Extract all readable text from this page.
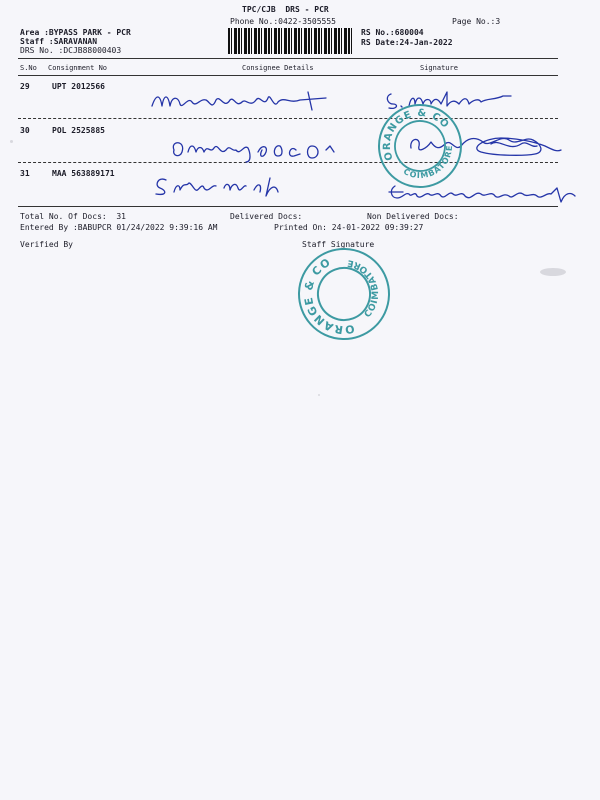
TPC/CJB  DRS - PCR
Phone No.:0422-3505555	Page No.:3
Area :BYPASS PARK - PCR
Staff :SARAVANAN
DRS No. :DCJB88000403
RS No.:680004
RS Date:24-Jan-2022
S.No Consignment No	Consignee Details	Signature
29	UPT 2012566
30	POL 2525885
31	MAA 563889171
ORANGE & CO
COIMBATORE
Total No. Of Docs:  31	Delivered Docs:	Non Delivered Docs:
Entered By :BABUPCR 01/24/2022 9:39:16 AM	Printed On: 24-01-2022 09:39:27
Verified By	Staff Signature
ORANGE & CO
COIMBATORE
